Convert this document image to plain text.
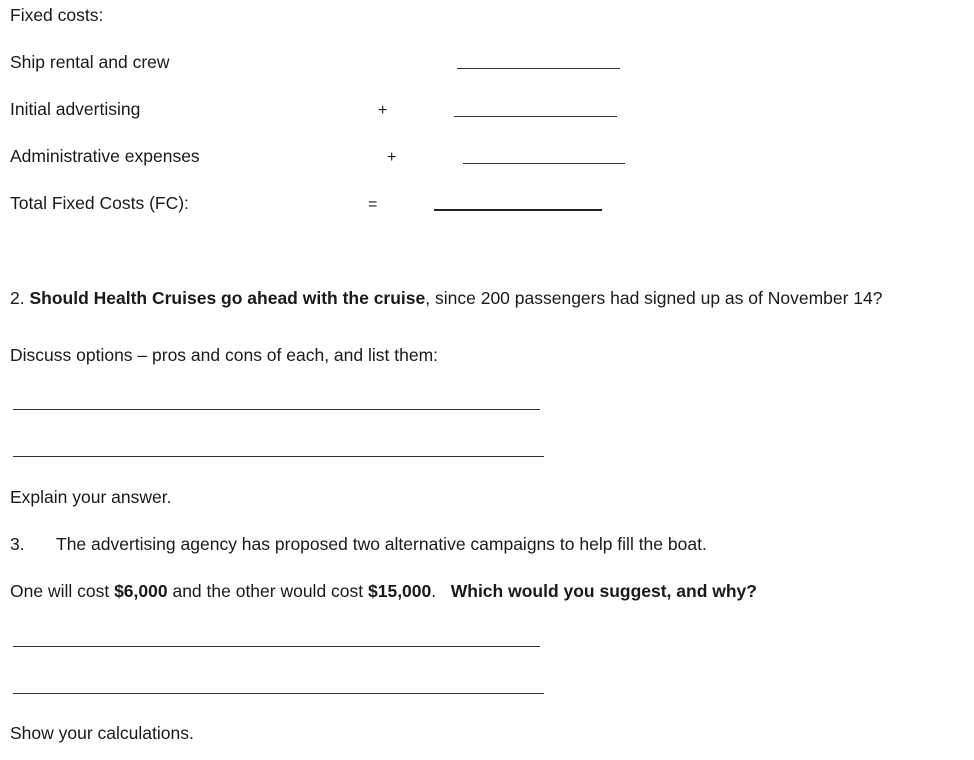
Fixed costs:
Ship rental and crew
Initial advertising	+
Administrative expenses	+
Total Fixed Costs (FC):	=
2. Should Health Cruises go ahead with the cruise, since 200 passengers had signed up as of November 14?
Discuss options – pros and cons of each, and list them:
Explain your answer.
3. The advertising agency has proposed two alternative campaigns to help fill the boat.
One will cost $6,000 and the other would cost $15,000. Which would you suggest, and why?
Show your calculations.
